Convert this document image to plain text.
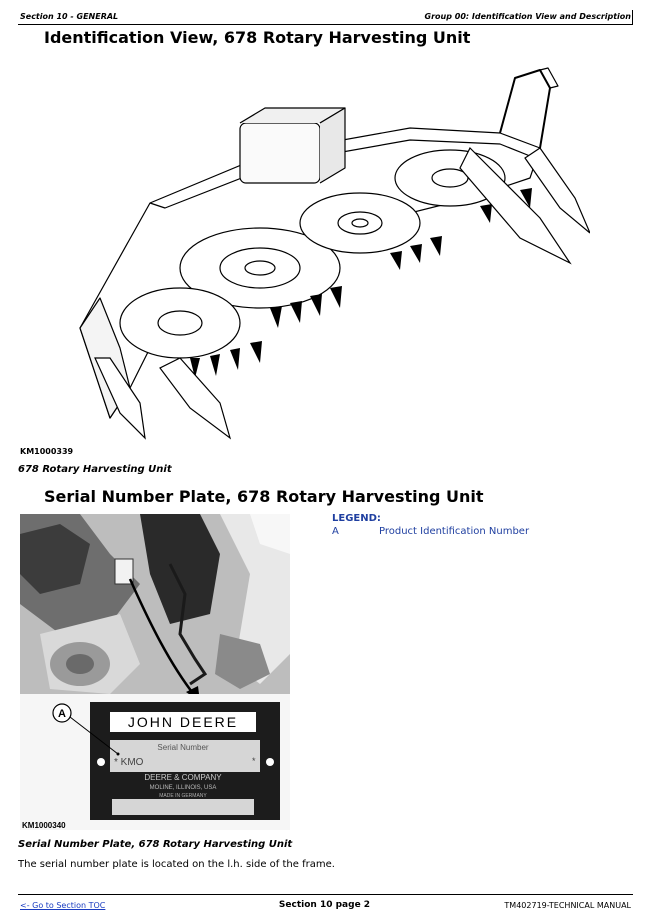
Section 10 - GENERAL	Group 00: Identification View and Description
Identification View, 678 Rotary Harvesting Unit
KM1000339
678 Rotary Harvesting Unit
Serial Number Plate, 678 Rotary Harvesting Unit
JOHN DEERE
Serial Number
* KMO	*
DEERE & COMPANY
MOLINE, ILLINOIS, USA
MADE IN GERMANY
A
KM1000340
LEGEND:
A	Product Identification Number
Serial Number Plate, 678 Rotary Harvesting Unit
The serial number plate is located on the l.h. side of the frame.
<- Go to Section TOC	Section 10 page 2	TM402719-TECHNICAL MANUAL
